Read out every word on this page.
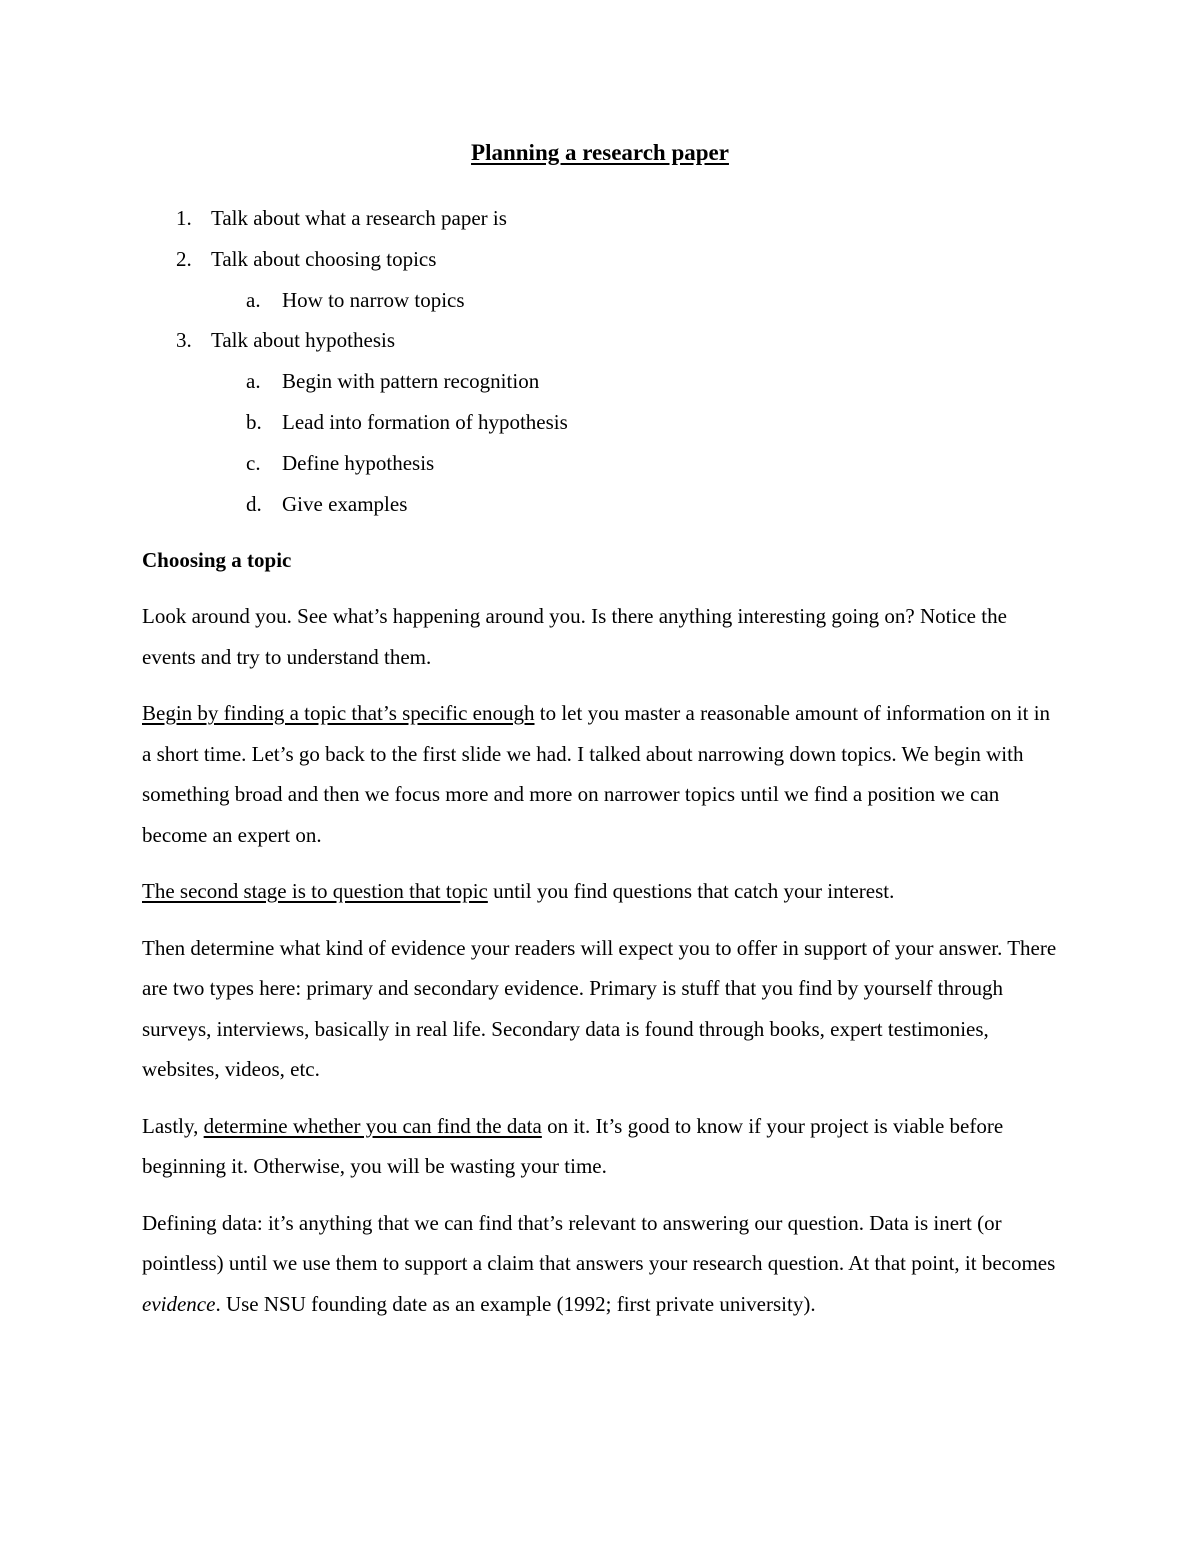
Planning a research paper
1. Talk about what a research paper is
2. Talk about choosing topics
a. How to narrow topics
3. Talk about hypothesis
a. Begin with pattern recognition
b. Lead into formation of hypothesis
c. Define hypothesis
d. Give examples
Choosing a topic

Look around you. See what’s happening around you. Is there anything interesting going on? Notice the events and try to understand them.

Begin by finding a topic that’s specific enough to let you master a reasonable amount of information on it in a short time. Let’s go back to the first slide we had. I talked about narrowing down topics. We begin with something broad and then we focus more and more on narrower topics until we find a position we can become an expert on.

The second stage is to question that topic until you find questions that catch your interest.

Then determine what kind of evidence your readers will expect you to offer in support of your answer. There are two types here: primary and secondary evidence. Primary is stuff that you find by yourself through surveys, interviews, basically in real life. Secondary data is found through books, expert testimonies, websites, videos, etc.

Lastly, determine whether you can find the data on it. It’s good to know if your project is viable before beginning it. Otherwise, you will be wasting your time.

Defining data: it’s anything that we can find that’s relevant to answering our question. Data is inert (or pointless) until we use them to support a claim that answers your research question. At that point, it becomes evidence. Use NSU founding date as an example (1992; first private university).
